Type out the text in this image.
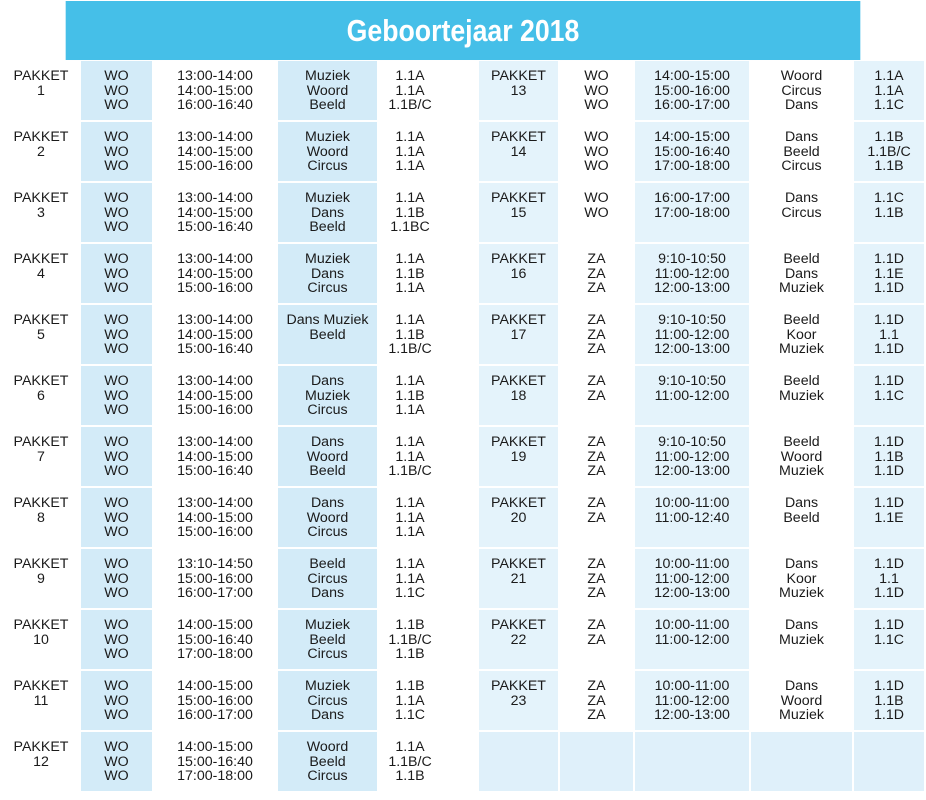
Geboortejaar 2018
PAKKET
1
WO
WO
WO
13:00-14:00
14:00-15:00
16:00-16:40
Muziek
Woord
Beeld
1.1A
1.1A
1.1B/C
PAKKET
2
WO
WO
WO
13:00-14:00
14:00-15:00
15:00-16:00
Muziek
Woord
Circus
1.1A
1.1A
1.1A
PAKKET
3
WO
WO
WO
13:00-14:00
14:00-15:00
15:00-16:40
Muziek
Dans
Beeld
1.1A
1.1B
1.1BC
PAKKET
4
WO
WO
WO
13:00-14:00
14:00-15:00
15:00-16:00
Muziek
Dans
Circus
1.1A
1.1B
1.1A
PAKKET
5
WO
WO
WO
13:00-14:00
14:00-15:00
15:00-16:40
Dans Muziek
Beeld
1.1A
1.1B
1.1B/C
PAKKET
6
WO
WO
WO
13:00-14:00
14:00-15:00
15:00-16:00
Dans
Muziek
Circus
1.1A
1.1B
1.1A
PAKKET
7
WO
WO
WO
13:00-14:00
14:00-15:00
15:00-16:40
Dans
Woord
Beeld
1.1A
1.1A
1.1B/C
PAKKET
8
WO
WO
WO
13:00-14:00
14:00-15:00
15:00-16:00
Dans
Woord
Circus
1.1A
1.1A
1.1A
PAKKET
9
WO
WO
WO
13:10-14:50
15:00-16:00
16:00-17:00
Beeld
Circus
Dans
1.1A
1.1A
1.1C
PAKKET
10
WO
WO
WO
14:00-15:00
15:00-16:40
17:00-18:00
Muziek
Beeld
Circus
1.1B
1.1B/C
1.1B
PAKKET
11
WO
WO
WO
14:00-15:00
15:00-16:00
16:00-17:00
Muziek
Circus
Dans
1.1B
1.1A
1.1C
PAKKET
12
WO
WO
WO
14:00-15:00
15:00-16:40
17:00-18:00
Woord
Beeld
Circus
1.1A
1.1B/C
1.1B
PAKKET
13
WO
WO
WO
14:00-15:00
15:00-16:00
16:00-17:00
Woord
Circus
Dans
1.1A
1.1A
1.1C
PAKKET
14
WO
WO
WO
14:00-15:00
15:00-16:40
17:00-18:00
Dans
Beeld
Circus
1.1B
1.1B/C
1.1B
PAKKET
15
WO
WO
16:00-17:00
17:00-18:00
Dans
Circus
1.1C
1.1B
PAKKET
16
ZA
ZA
ZA
9:10-10:50
11:00-12:00
12:00-13:00
Beeld
Dans
Muziek
1.1D
1.1E
1.1D
PAKKET
17
ZA
ZA
ZA
9:10-10:50
11:00-12:00
12:00-13:00
Beeld
Koor
Muziek
1.1D
1.1
1.1D
PAKKET
18
ZA
ZA
9:10-10:50
11:00-12:00
Beeld
Muziek
1.1D
1.1C
PAKKET
19
ZA
ZA
ZA
9:10-10:50
11:00-12:00
12:00-13:00
Beeld
Woord
Muziek
1.1D
1.1B
1.1D
PAKKET
20
ZA
ZA
10:00-11:00
11:00-12:40
Dans
Beeld
1.1D
1.1E
PAKKET
21
ZA
ZA
ZA
10:00-11:00
11:00-12:00
12:00-13:00
Dans
Koor
Muziek
1.1D
1.1
1.1D
PAKKET
22
ZA
ZA
10:00-11:00
11:00-12:00
Dans
Muziek
1.1D
1.1C
PAKKET
23
ZA
ZA
ZA
10:00-11:00
11:00-12:00
12:00-13:00
Dans
Woord
Muziek
1.1D
1.1B
1.1D
